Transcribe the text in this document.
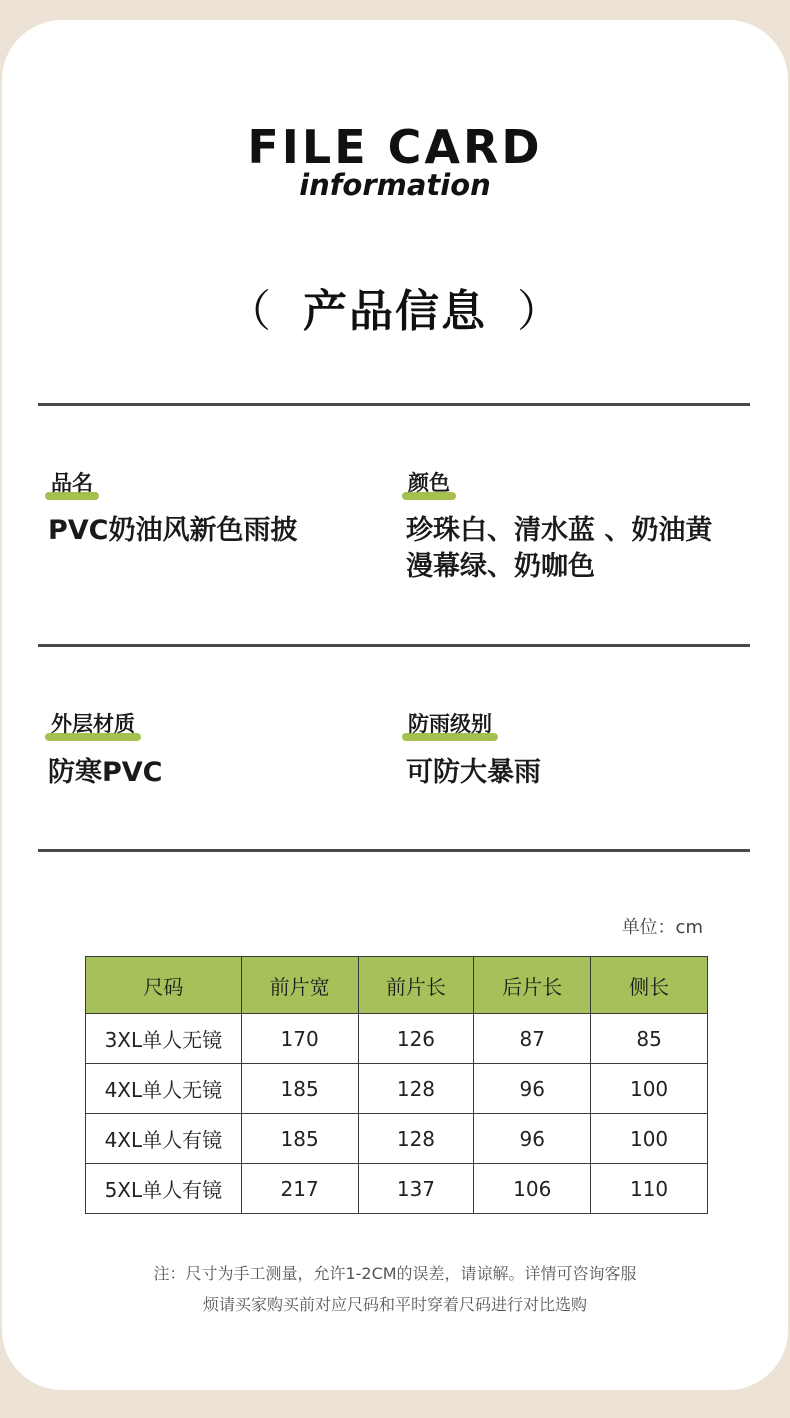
FILE CARD
information
（ 产品信息 ）
品名
PVC奶油风新色雨披
颜色
珍珠白、清水蓝 、奶油黄
漫幕绿、奶咖色
外层材质
防寒PVC
防雨级别
可防大暴雨
单位：cm
尺码	前片宽	前片长	后片长	侧长
3XL单人无镜	170	126	87	85
4XL单人无镜	185	128	96	100
4XL单人有镜	185	128	96	100
5XL单人有镜	217	137	106	110
注：尺寸为手工测量，允许1-2CM的误差，请谅解。详情可咨询客服
烦请买家购买前对应尺码和平时穿着尺码进行对比选购
